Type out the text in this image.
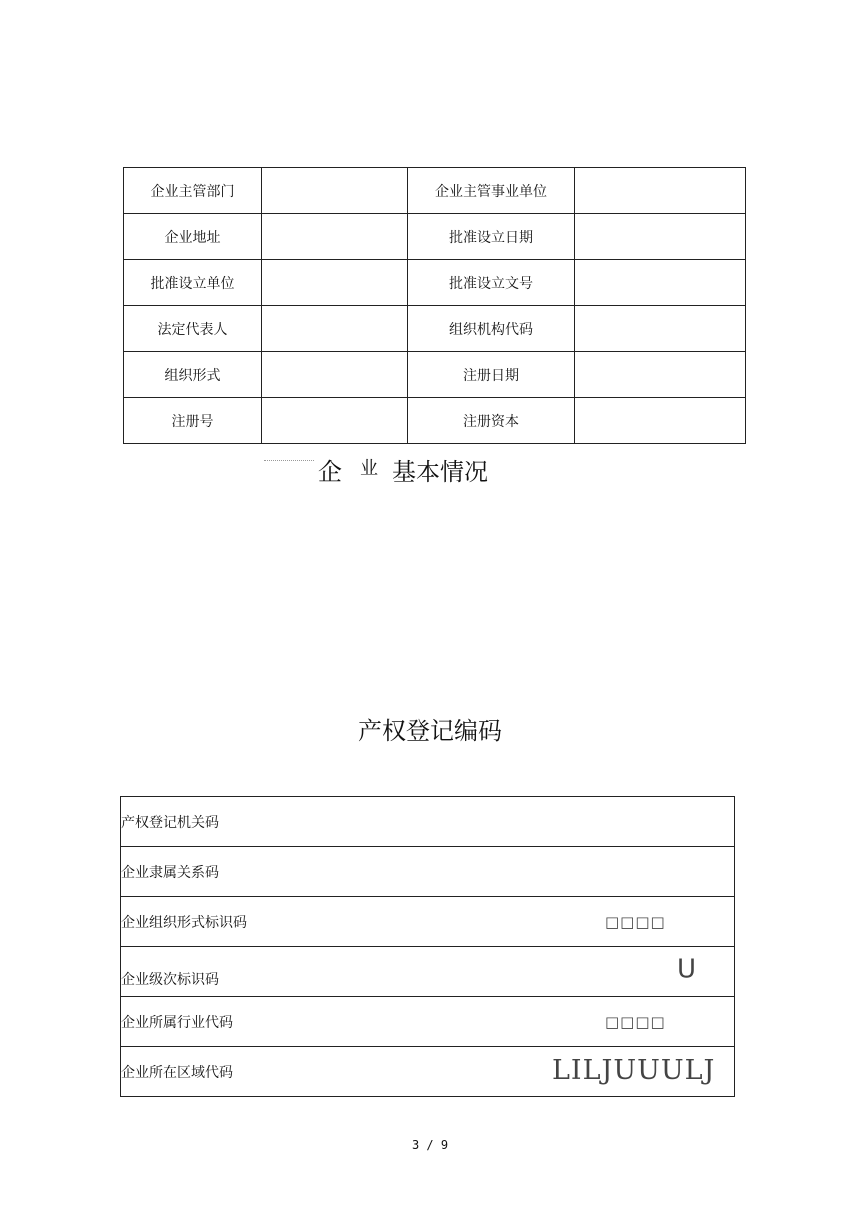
企业主管部门		企业主管事业单位	
企业地址		批准设立日期	
批准设立单位		批准设立文号	
法定代表人		组织机构代码	
组织形式		注册日期	
注册号		注册资本	
企 $^业$ 基本情况
产权登记编码
产权登记机关码

企业隶属关系码

企业组织形式标识码	□□□□

企业级次标识码	U

企业所属行业代码	□□□□

企业所在区域代码	LILJUUULJ
3 / 9
